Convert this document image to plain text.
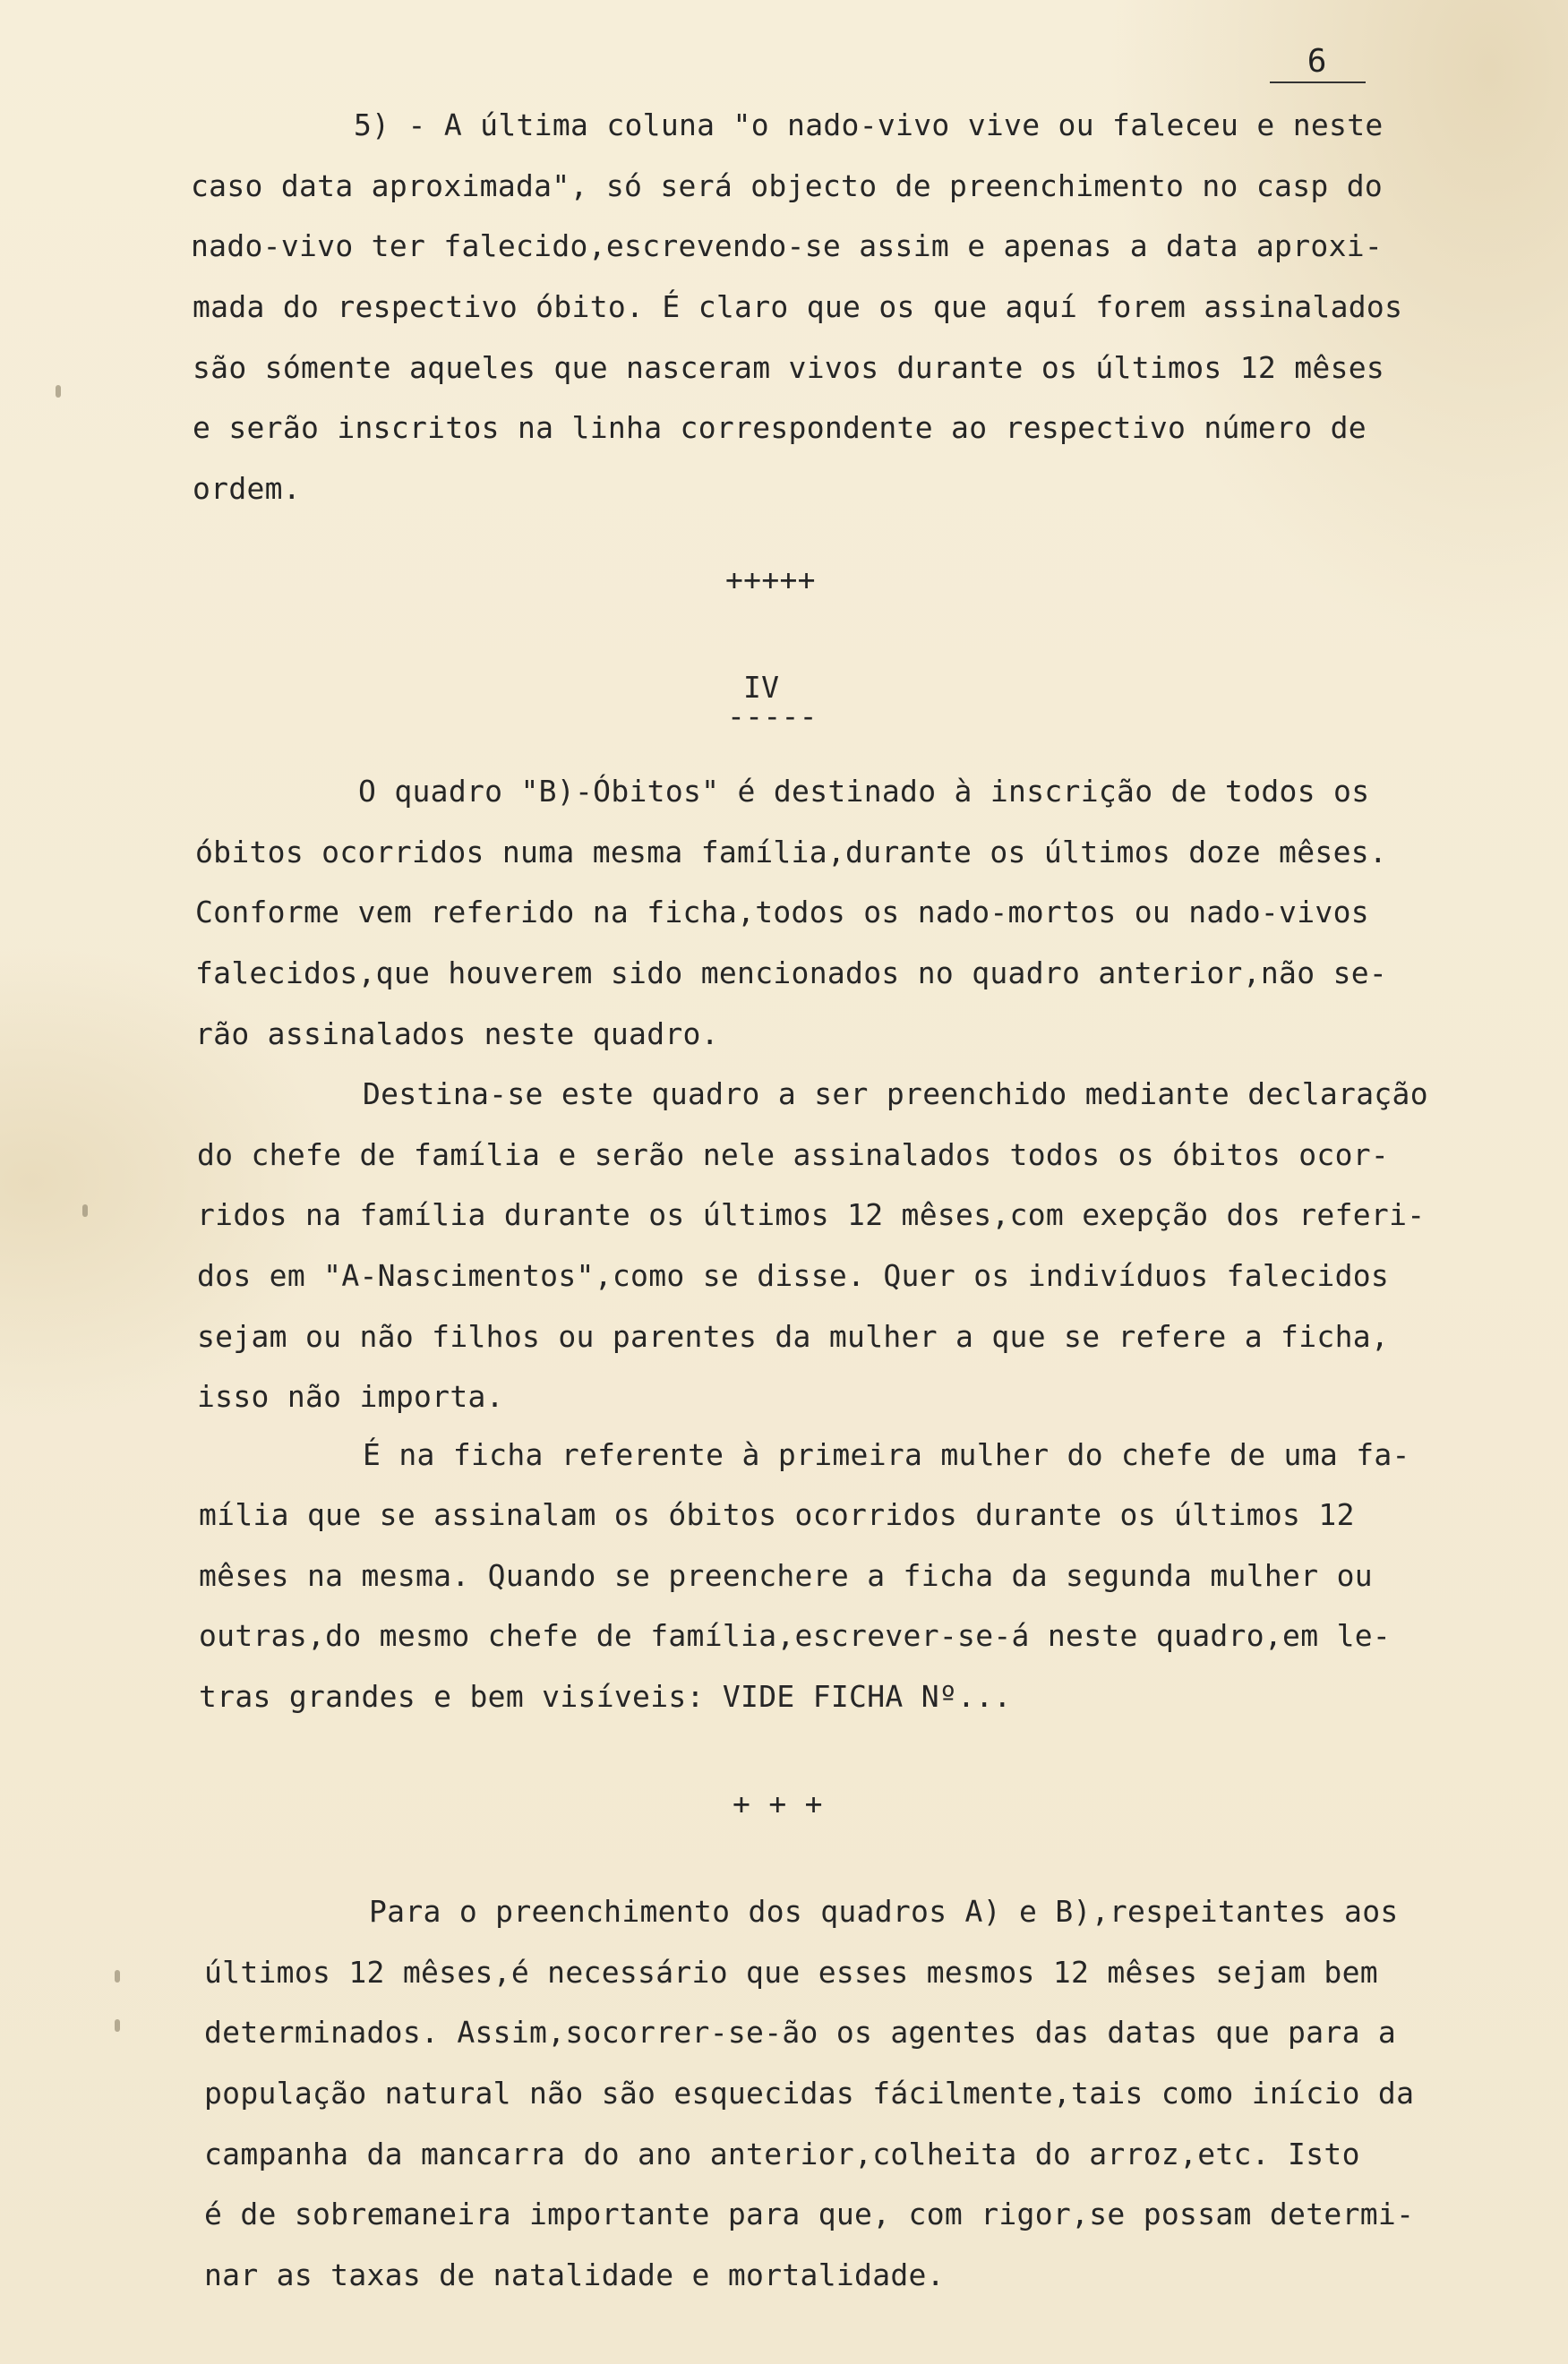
6
5) - A última coluna "o nado-vivo vive ou faleceu e neste
caso data aproximada", só será objecto de preenchimento no casp do
nado-vivo ter falecido,escrevendo-se assim e apenas a data aproxi-
mada do respectivo óbito. É claro que os que aquí forem assinalados
são sómente aqueles que nasceram vivos durante os últimos 12 mêses
e serão inscritos na linha correspondente ao respectivo número de
ordem.
+++++
IV
-----
O quadro "B)-Óbitos" é destinado à inscrição de todos os
óbitos ocorridos numa mesma família,durante os últimos doze mêses.
Conforme vem referido na ficha,todos os nado-mortos ou nado-vivos
falecidos,que houverem sido mencionados no quadro anterior,não se-
rão assinalados neste quadro.
Destina-se este quadro a ser preenchido mediante declaração
do chefe de família e serão nele assinalados todos os óbitos ocor-
ridos na família durante os últimos 12 mêses,com exepção dos referi-
dos em "A-Nascimentos",como se disse. Quer os indivíduos falecidos
sejam ou não filhos ou parentes da mulher a que se refere a ficha,
isso não importa.
É na ficha referente à primeira mulher do chefe de uma fa-
mília que se assinalam os óbitos ocorridos durante os últimos 12
mêses na mesma. Quando se preenchere a ficha da segunda mulher ou
outras,do mesmo chefe de família,escrever-se-á neste quadro,em le-
tras grandes e bem visíveis: VIDE FICHA Nº...
+ + +
Para o preenchimento dos quadros A) e B),respeitantes aos
últimos 12 mêses,é necessário que esses mesmos 12 mêses sejam bem
determinados. Assim,socorrer-se-ão os agentes das datas que para a
população natural não são esquecidas fácilmente,tais como início da
campanha da mancarra do ano anterior,colheita do arroz,etc. Isto
é de sobremaneira importante para que, com rigor,se possam determi-
nar as taxas de natalidade e mortalidade.
